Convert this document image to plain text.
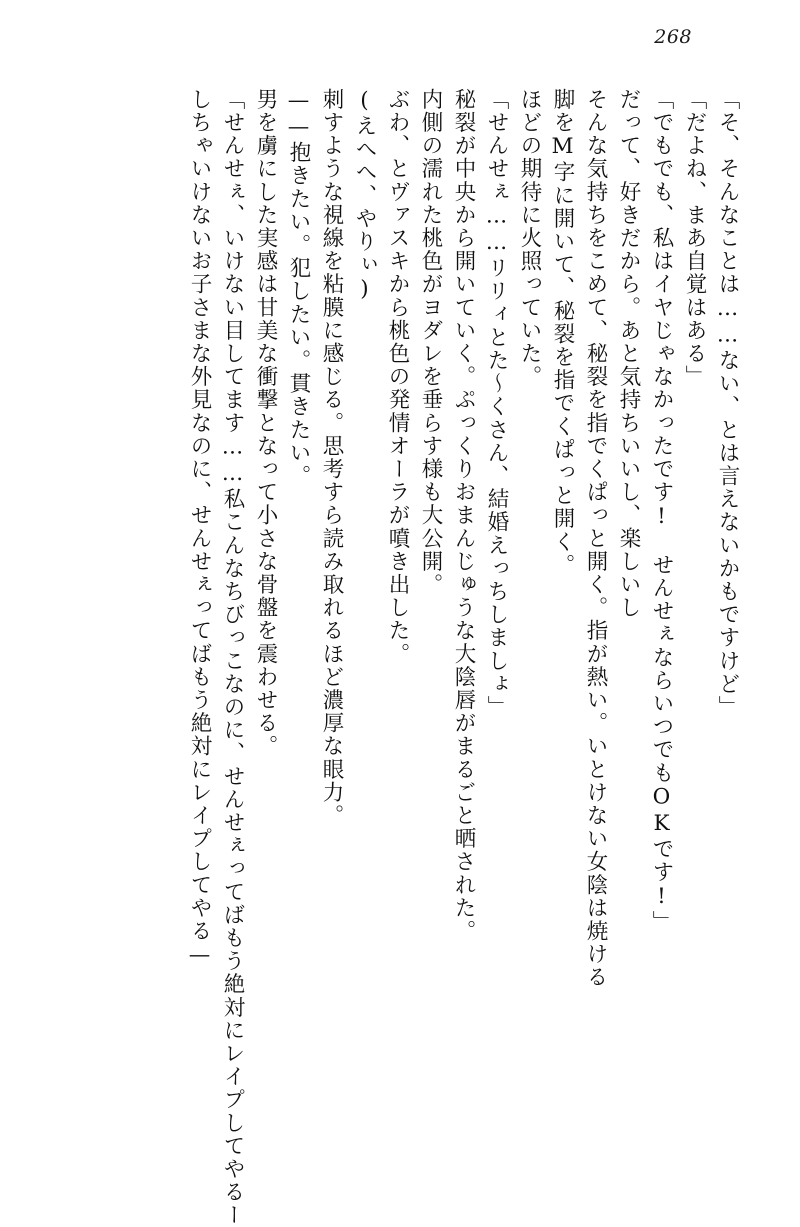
268
しちゃいけないお子さまな外見なのに、せんせぇってばもう絶対にレイプしてやる— 「せんせぇ、いけない目してます……私こんなちびっこなのに、せんせぇってばもう絶対にレイプしてやるー 男を虜にした実感は甘美な衝撃となって小さな骨盤を震わせる。 ——抱きたい。犯したい。貫きたい。 刺すような視線を粘膜に感じる。思考すら読み取れるほど濃厚な眼力。 (えへへ、やりぃ) ぶわ、とヴァスキから桃色の発情オーラが噴き出した。 内側の濡れた桃色がヨダレを垂らす様も大公開。 秘裂が中央から開いていく。ぷっくりおまんじゅうな大陰唇がまるごと晒された。 「せんせぇ……リリィとた〜くさん、結婚えっちしましょ」 ほどの期待に火照っていた。 脚をM字に開いて、秘裂を指でくぱっと開く。 そんな気持ちをこめて、秘裂を指でくぱっと開く。指が熱い。いとけない女陰は焼ける だって、好きだから。あと気持ちいいし、楽しいし 「でもでも、私はイヤじゃなかったです!　せんせぇならいつでもOKです!」 「だよね、まあ自覚はある」 「そ、そんなことは……ない、とは言えないかもですけど」
